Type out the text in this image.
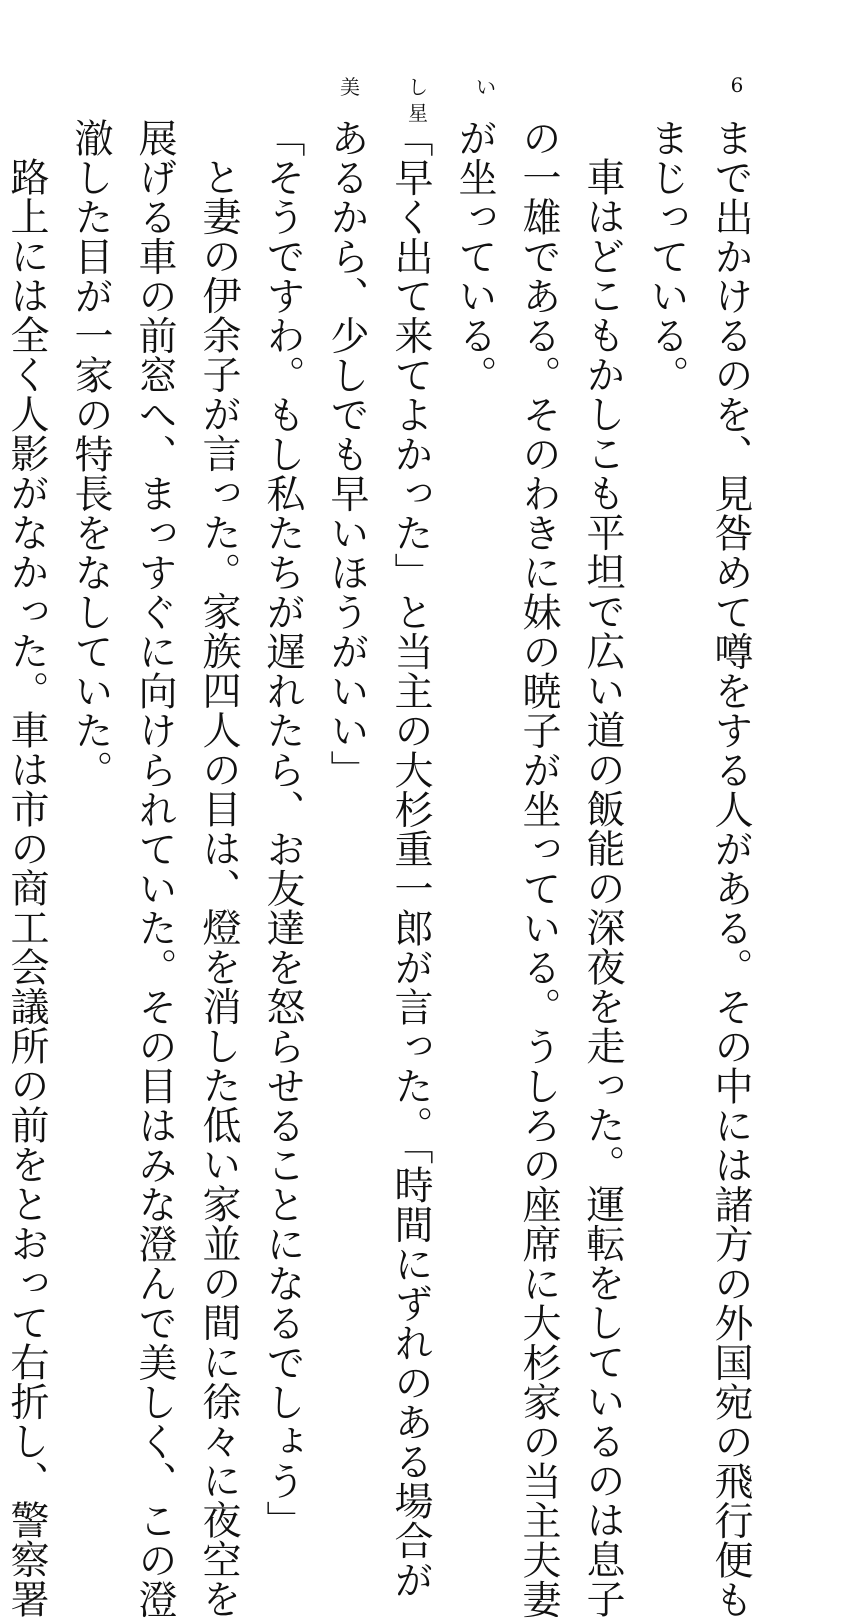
美　し　い　星
6

まで出かけるのを、見咎めて噂をする人がある。その中には諸方の外国宛の飛行便も
まじっている。

車はどこもかしこも平坦で広い道の飯能の深夜を走った。運転をしているのは息子
の一雄である。そのわきに妹の暁子が坐っている。うしろの座席に大杉家の当主夫妻
が坐っている。

「早く出て来てよかった」と当主の大杉重一郎が言った。「時間にずれのある場合が
あるから、少しでも早いほうがいい」

「そうですわ。もし私たちが遅れたら、お友達を怒らせることになるでしょう」

と妻の伊余子が言った。家族四人の目は、燈を消した低い家並の間に徐々に夜空を
展げる車の前窓へ、まっすぐに向けられていた。その目はみな澄んで美しく、この澄
澈した目が一家の特長をなしていた。

路上には全く人影がなかった。車は市の商工会議所の前をとおって右折し、警察署
